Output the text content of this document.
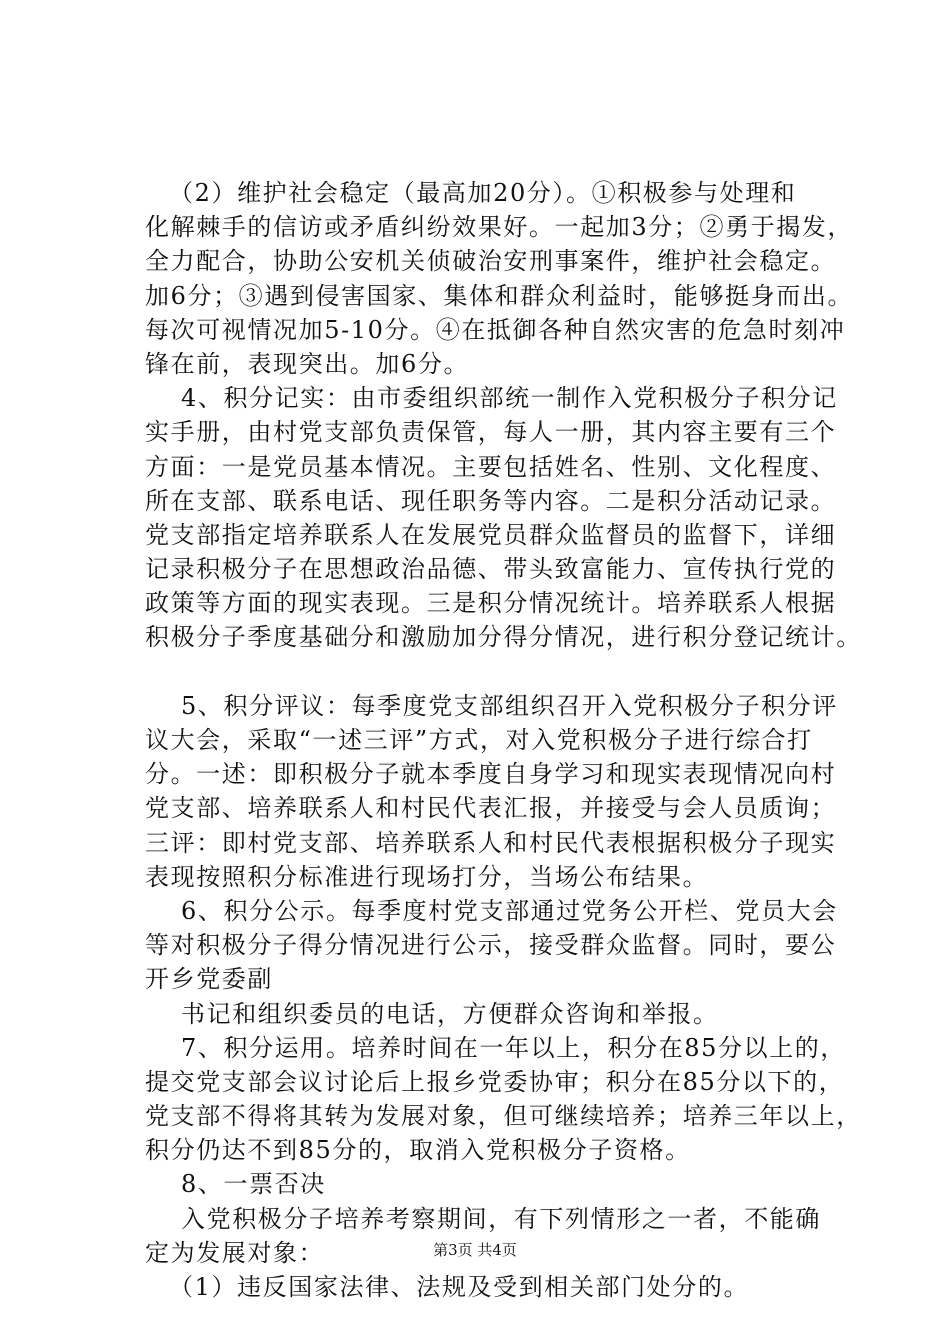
（2）维护社会稳定（最高加20分）。①积极参与处理和
化解棘手的信访或矛盾纠纷效果好。一起加3分；②勇于揭发，
全力配合，协助公安机关侦破治安刑事案件，维护社会稳定。
加6分；③遇到侵害国家、集体和群众利益时，能够挺身而出。
每次可视情况加5-10分。④在抵御各种自然灾害的危急时刻冲
锋在前，表现突出。加6分。
4、积分记实：由市委组织部统一制作入党积极分子积分记
实手册，由村党支部负责保管，每人一册，其内容主要有三个
方面：一是党员基本情况。主要包括姓名、性别、文化程度、
所在支部、联系电话、现任职务等内容。二是积分活动记录。
党支部指定培养联系人在发展党员群众监督员的监督下，详细
记录积极分子在思想政治品德、带头致富能力、宣传执行党的
政策等方面的现实表现。三是积分情况统计。培养联系人根据
积极分子季度基础分和激励加分得分情况，进行积分登记统计。
5、积分评议：每季度党支部组织召开入党积极分子积分评
议大会，采取“一述三评”方式，对入党积极分子进行综合打
分。一述：即积极分子就本季度自身学习和现实表现情况向村
党支部、培养联系人和村民代表汇报，并接受与会人员质询；
三评：即村党支部、培养联系人和村民代表根据积极分子现实
表现按照积分标准进行现场打分，当场公布结果。
6、积分公示。每季度村党支部通过党务公开栏、党员大会
等对积极分子得分情况进行公示，接受群众监督。同时，要公
开乡党委副
书记和组织委员的电话，方便群众咨询和举报。
7、积分运用。培养时间在一年以上，积分在85分以上的，
提交党支部会议讨论后上报乡党委协审；积分在85分以下的，
党支部不得将其转为发展对象，但可继续培养；培养三年以上，
积分仍达不到85分的，取消入党积极分子资格。
8、一票否决
入党积极分子培养考察期间，有下列情形之一者，不能确
定为发展对象：
（1）违反国家法律、法规及受到相关部门处分的。
第3页 共4页
